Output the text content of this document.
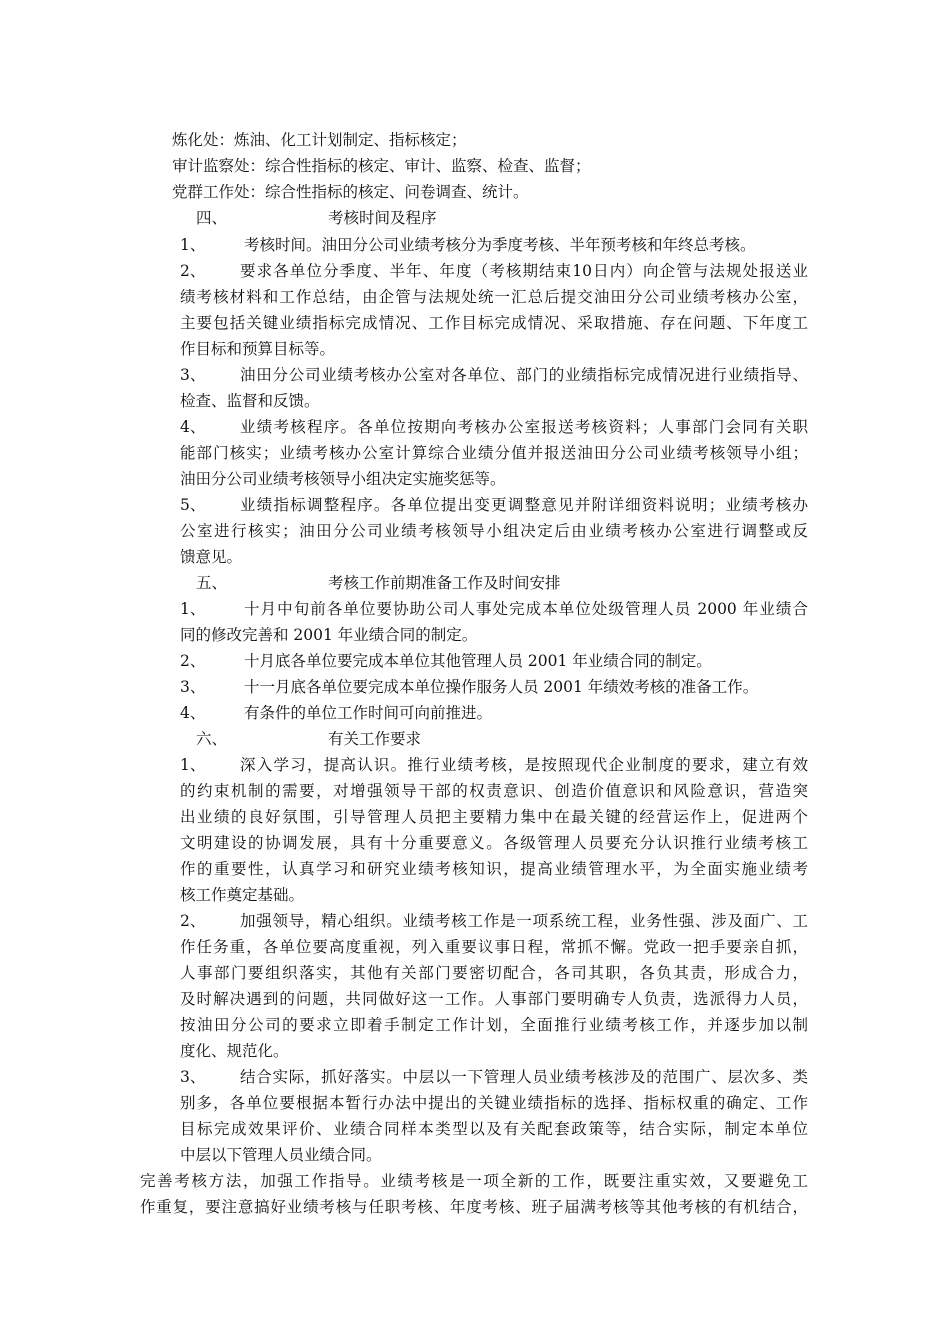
炼化处：炼油、化工计划制定、指标核定；
审计监察处：综合性指标的核定、审计、监察、检查、监督；
党群工作处：综合性指标的核定、问卷调查、统计。
四、	考核时间及程序
1、 考核时间。油田分公司业绩考核分为季度考核、半年预考核和年终总考核。
2、 要求各单位分季度、半年、年度（考核期结束10日内）向企管与法规处报送业
绩考核材料和工作总结，由企管与法规处统一汇总后提交油田分公司业绩考核办公室，
主要包括关键业绩指标完成情况、工作目标完成情况、采取措施、存在问题、下年度工
作目标和预算目标等。
3、 油田分公司业绩考核办公室对各单位、部门的业绩指标完成情况进行业绩指导、
检查、监督和反馈。
4、 业绩考核程序。各单位按期向考核办公室报送考核资料；人事部门会同有关职
能部门核实；业绩考核办公室计算综合业绩分值并报送油田分公司业绩考核领导小组；
油田分公司业绩考核领导小组决定实施奖惩等。
5、 业绩指标调整程序。各单位提出变更调整意见并附详细资料说明；业绩考核办
公室进行核实；油田分公司业绩考核领导小组决定后由业绩考核办公室进行调整或反
馈意见。
五、	考核工作前期准备工作及时间安排
1、 十月中旬前各单位要协助公司人事处完成本单位处级管理人员 2000 年业绩合
同的修改完善和 2001 年业绩合同的制定。
2、 十月底各单位要完成本单位其他管理人员 2001 年业绩合同的制定。
3、 十一月底各单位要完成本单位操作服务人员 2001 年绩效考核的准备工作。
4、 有条件的单位工作时间可向前推进。
六、	有关工作要求
1、 深入学习，提高认识。推行业绩考核，是按照现代企业制度的要求，建立有效
的约束机制的需要，对增强领导干部的权责意识、创造价值意识和风险意识，营造突
出业绩的良好氛围，引导管理人员把主要精力集中在最关键的经营运作上，促进两个
文明建设的协调发展，具有十分重要意义。各级管理人员要充分认识推行业绩考核工
作的重要性，认真学习和研究业绩考核知识，提高业绩管理水平，为全面实施业绩考
核工作奠定基础。
2、 加强领导，精心组织。业绩考核工作是一项系统工程，业务性强、涉及面广、工
作任务重，各单位要高度重视，列入重要议事日程，常抓不懈。党政一把手要亲自抓，
人事部门要组织落实，其他有关部门要密切配合，各司其职，各负其责，形成合力，
及时解决遇到的问题，共同做好这一工作。人事部门要明确专人负责，选派得力人员，
按油田分公司的要求立即着手制定工作计划，全面推行业绩考核工作，并逐步加以制
度化、规范化。
3、 结合实际，抓好落实。中层以一下管理人员业绩考核涉及的范围广、层次多、类
别多，各单位要根据本暂行办法中提出的关键业绩指标的选择、指标权重的确定、工作
目标完成效果评价、业绩合同样本类型以及有关配套政策等，结合实际，制定本单位
中层以下管理人员业绩合同。
完善考核方法，加强工作指导。业绩考核是一项全新的工作，既要注重实效，又要避免工
作重复，要注意搞好业绩考核与任职考核、年度考核、班子届满考核等其他考核的有机结合，
